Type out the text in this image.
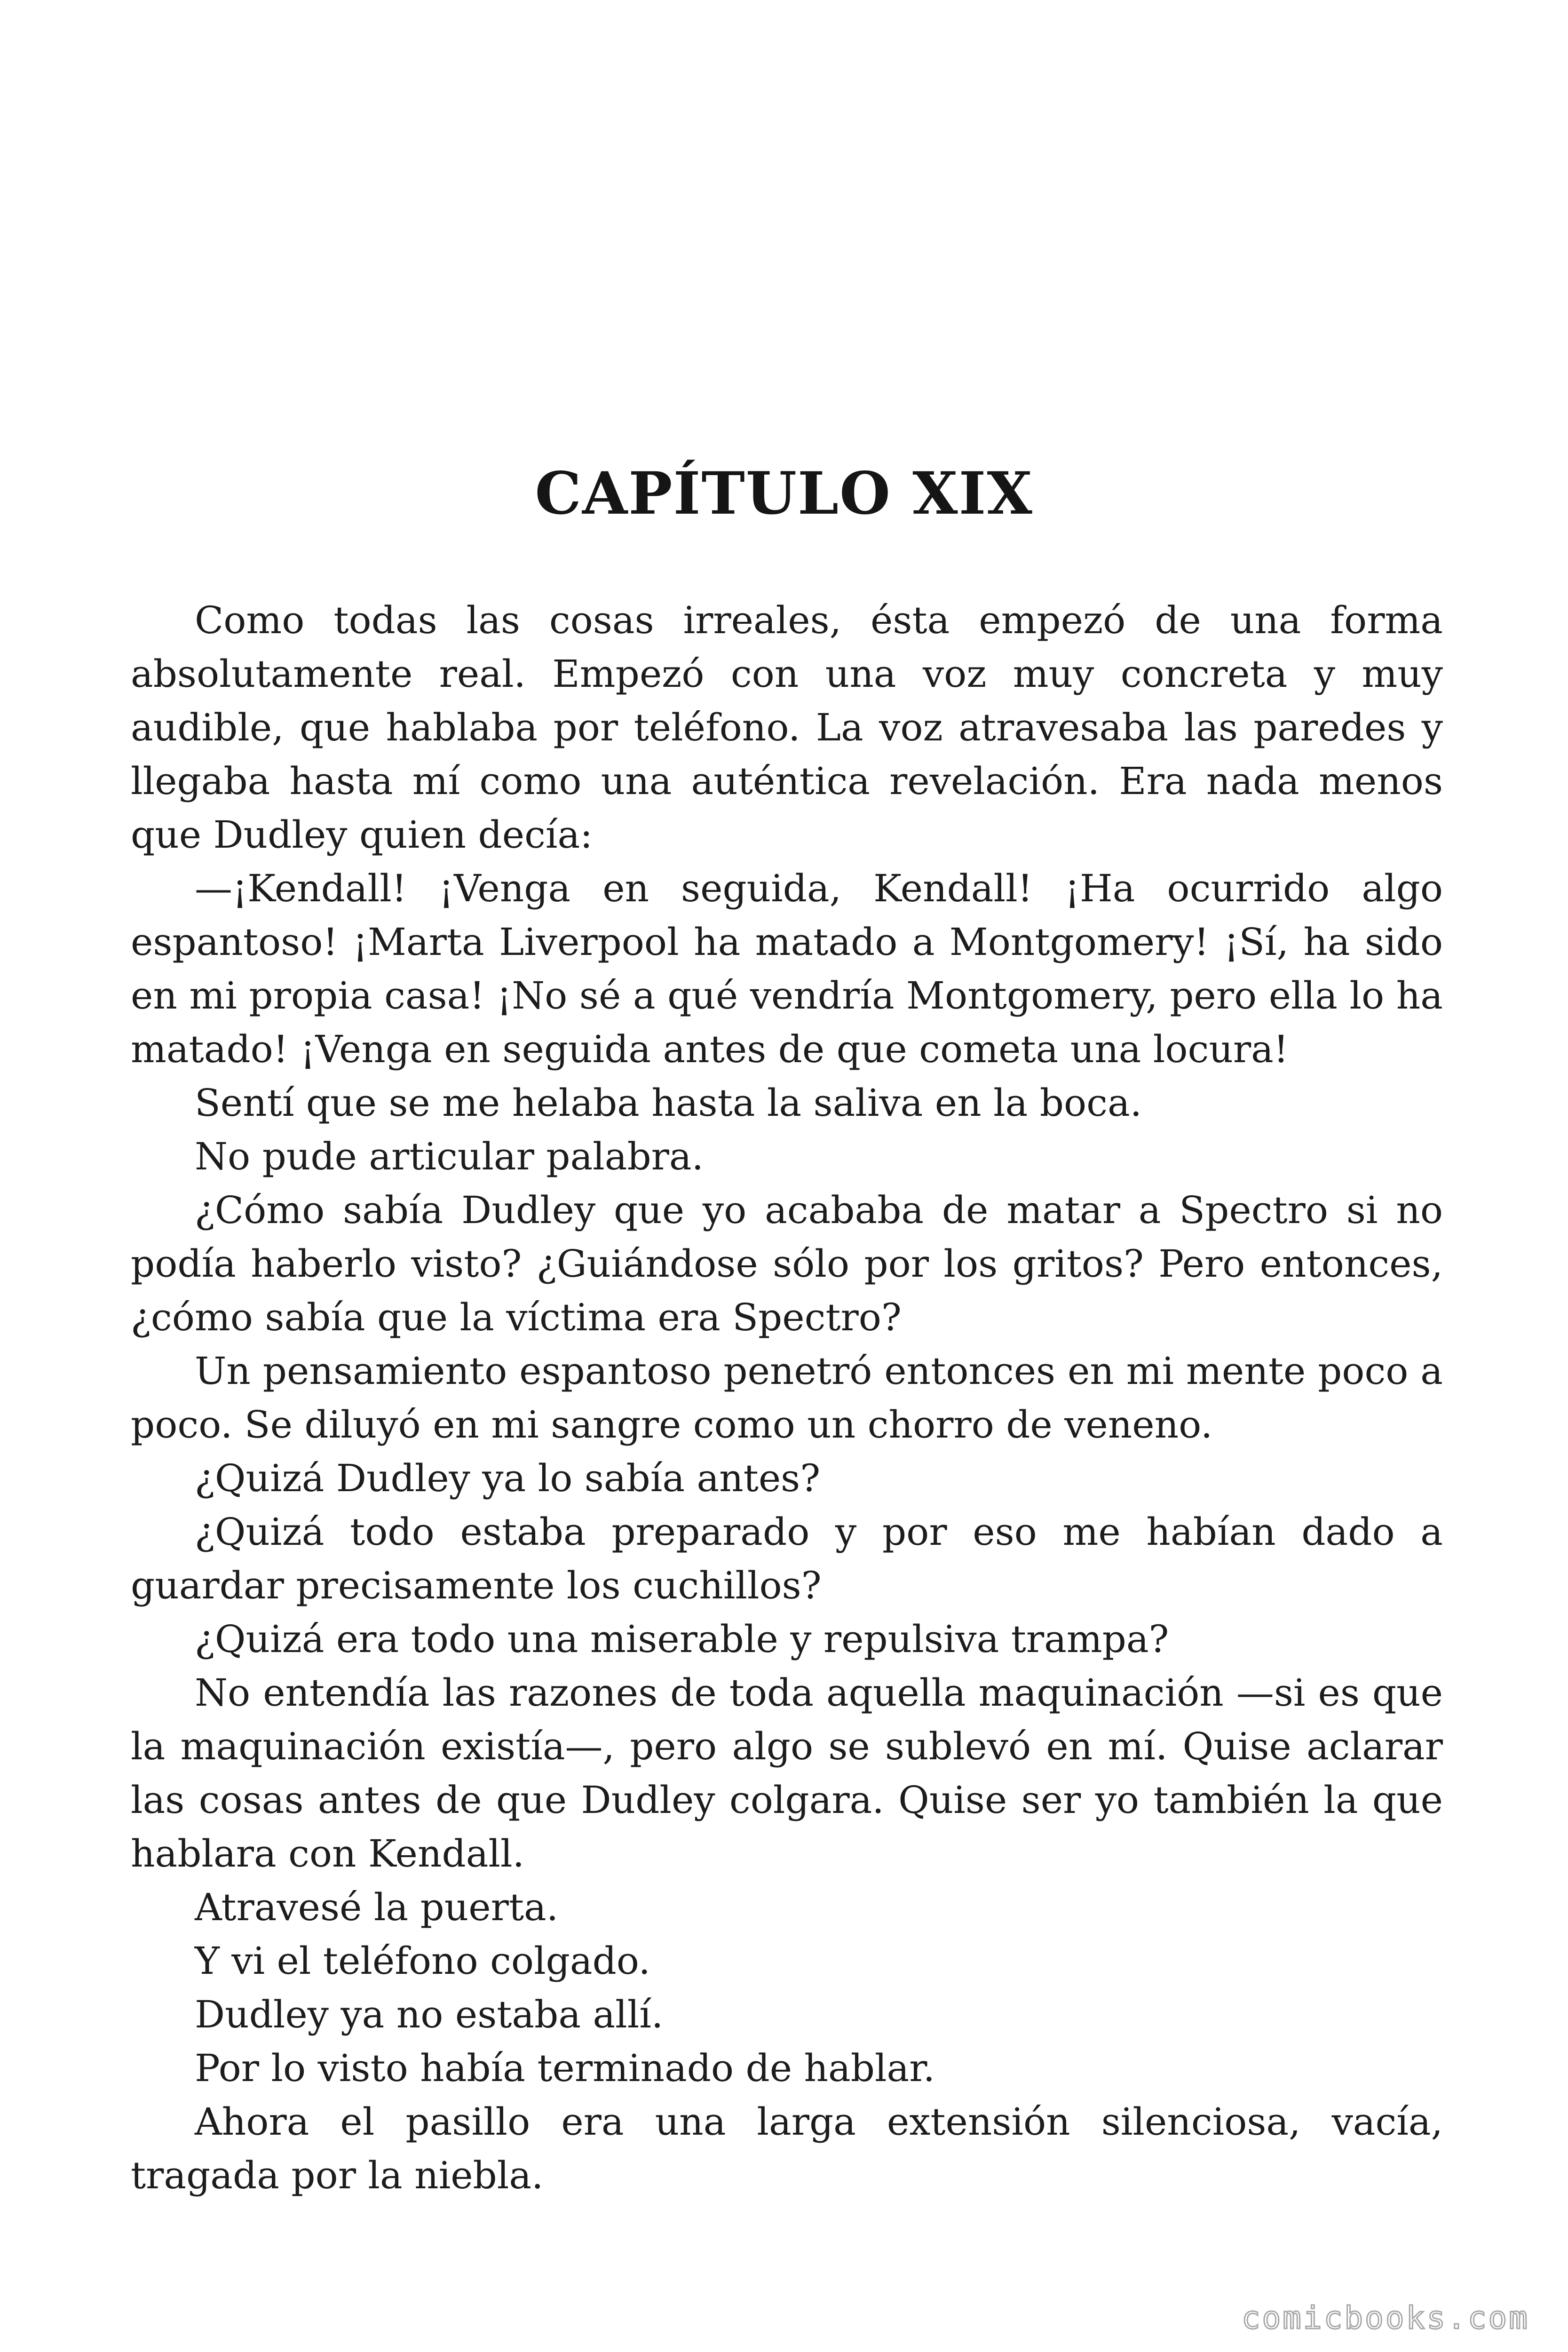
CAPÍTULO XIX

Como todas las cosas irreales, ésta empezó de una forma absolutamente real. Empezó con una voz muy concreta y muy audible, que hablaba por teléfono. La voz atravesaba las paredes y llegaba hasta mí como una auténtica revelación. Era nada menos que Dudley quien decía:

—¡Kendall! ¡Venga en seguida, Kendall! ¡Ha ocurrido algo espantoso! ¡Marta Liverpool ha matado a Montgomery! ¡Sí, ha sido en mi propia casa! ¡No sé a qué vendría Montgomery, pero ella lo ha matado! ¡Venga en seguida antes de que cometa una locura!

Sentí que se me helaba hasta la saliva en la boca.

No pude articular palabra.

¿Cómo sabía Dudley que yo acababa de matar a Spectro si no podía haberlo visto? ¿Guiándose sólo por los gritos? Pero entonces, ¿cómo sabía que la víctima era Spectro?

Un pensamiento espantoso penetró entonces en mi mente poco a poco. Se diluyó en mi sangre como un chorro de veneno.

¿Quizá Dudley ya lo sabía antes?

¿Quizá todo estaba preparado y por eso me habían dado a guardar precisamente los cuchillos?

¿Quizá era todo una miserable y repulsiva trampa?

No entendía las razones de toda aquella maquinación —si es que la maquinación existía—, pero algo se sublevó en mí. Quise aclarar las cosas antes de que Dudley colgara. Quise ser yo también la que hablara con Kendall.

Atravesé la puerta.

Y vi el teléfono colgado.

Dudley ya no estaba allí.

Por lo visto había terminado de hablar.

Ahora el pasillo era una larga extensión silenciosa, vacía, tragada por la niebla.

comicbooks.com
